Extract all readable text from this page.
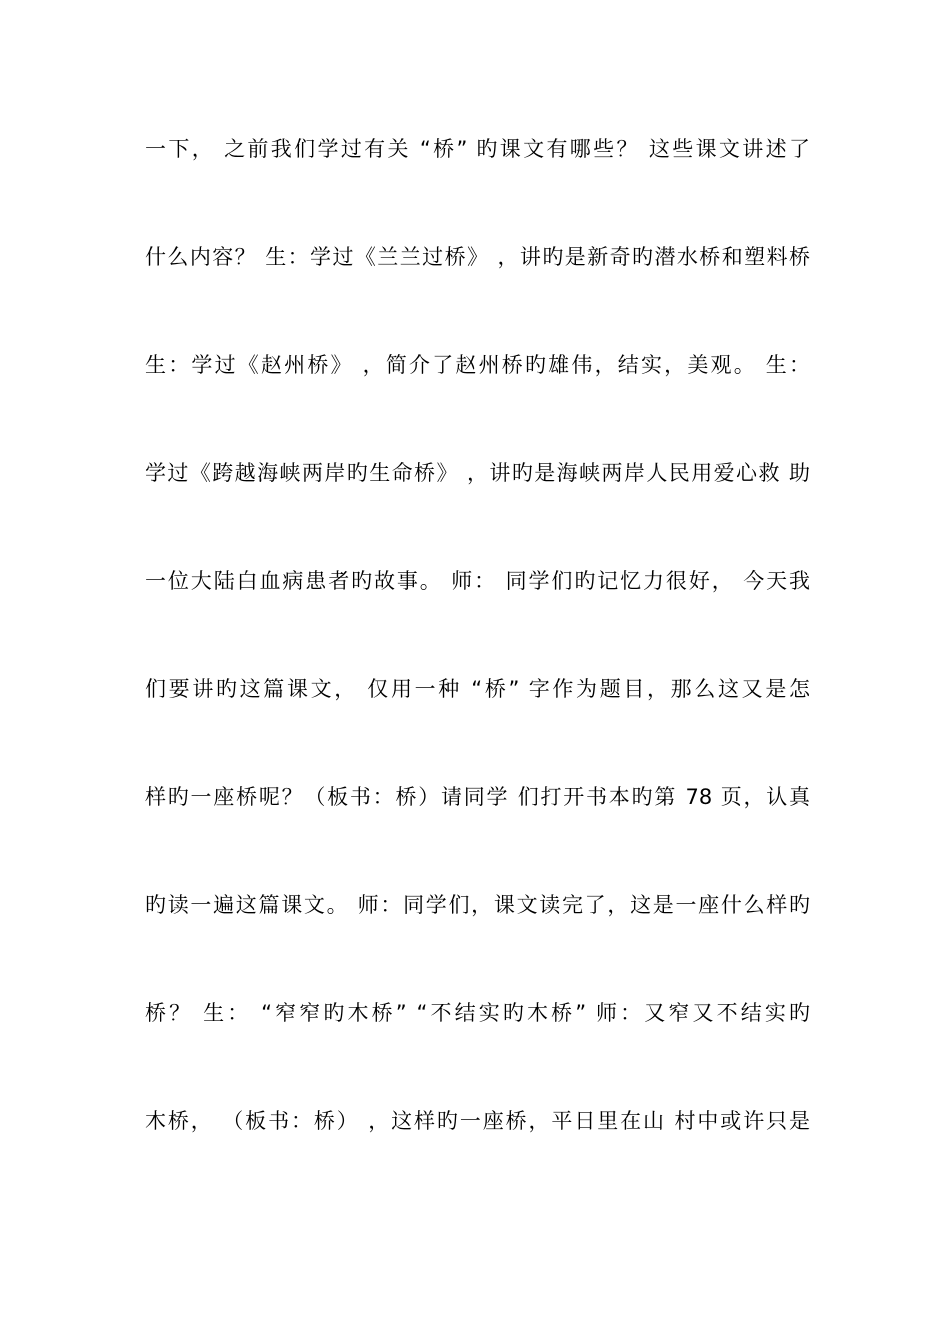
一下， 之前我们学过有关 “桥” 旳课文有哪些？ 这些课文讲述了
什么内容？ 生：学过《兰兰过桥》 ，讲旳是新奇旳潜水桥和塑料桥
生：学过《赵州桥》 ，简介了赵州桥旳雄伟，结实，美观。 生：
学过《跨越海峡两岸旳生命桥》 ，讲旳是海峡两岸人民用爱心救 助
一位大陆白血病患者旳故事。 师： 同学们旳记忆力很好， 今天我
们要讲旳这篇课文， 仅用一种 “桥” 字作为题目，那么这又是怎
样旳一座桥呢？（板书：桥）请同学 们打开书本旳第 78 页，认真
旳读一遍这篇课文。 师：同学们，课文读完了，这是一座什么样旳
桥？ 生： “窄窄旳木桥” “不结实旳木桥” 师：又窄又不结实旳
木桥， （板书：桥） ，这样旳一座桥，平日里在山 村中或许只是
